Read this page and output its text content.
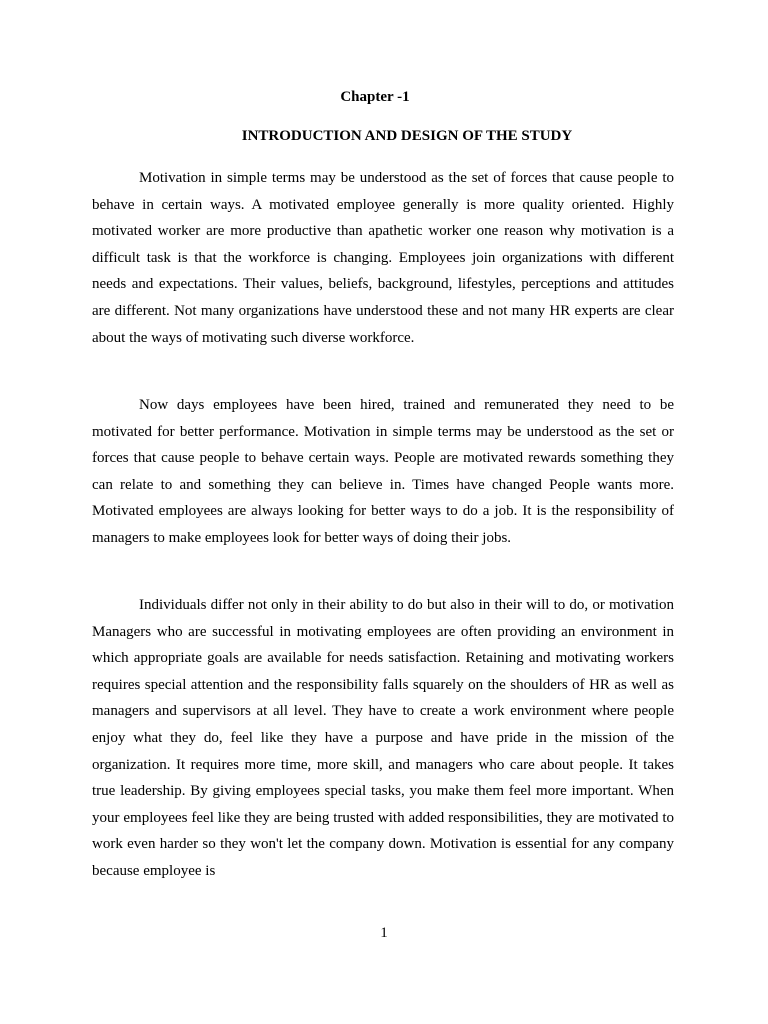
Chapter -1
INTRODUCTION AND DESIGN OF THE STUDY

Motivation in simple terms may be understood as the set of forces that cause people to behave in certain ways. A motivated employee generally is more quality oriented. Highly motivated worker are more productive than apathetic worker one reason why motivation is a difficult task is that the workforce is changing. Employees join organizations with different needs and expectations. Their values, beliefs, background, lifestyles, perceptions and attitudes are different. Not many organizations have understood these and not many HR experts are clear about the ways of motivating such diverse workforce.

Now days employees have been hired, trained and remunerated they need to be motivated for better performance. Motivation in simple terms may be understood as the set or forces that cause people to behave certain ways. People are motivated rewards something they can relate to and something they can believe in. Times have changed People wants more. Motivated employees are always looking for better ways to do a job. It is the responsibility of managers to make employees look for better ways of doing their jobs.

Individuals differ not only in their ability to do but also in their will to do, or motivation Managers who are successful in motivating employees are often providing an environment in which appropriate goals are available for needs satisfaction. Retaining and motivating workers requires special attention and the responsibility falls squarely on the shoulders of HR as well as managers and supervisors at all level. They have to create a work environment where people enjoy what they do, feel like they have a purpose and have pride in the mission of the organization. It requires more time, more skill, and managers who care about people. It takes true leadership. By giving employees special tasks, you make them feel more important. When your employees feel like they are being trusted with added responsibilities, they are motivated to work even harder so they won't let the company down. Motivation is essential for any company because employee is

1
